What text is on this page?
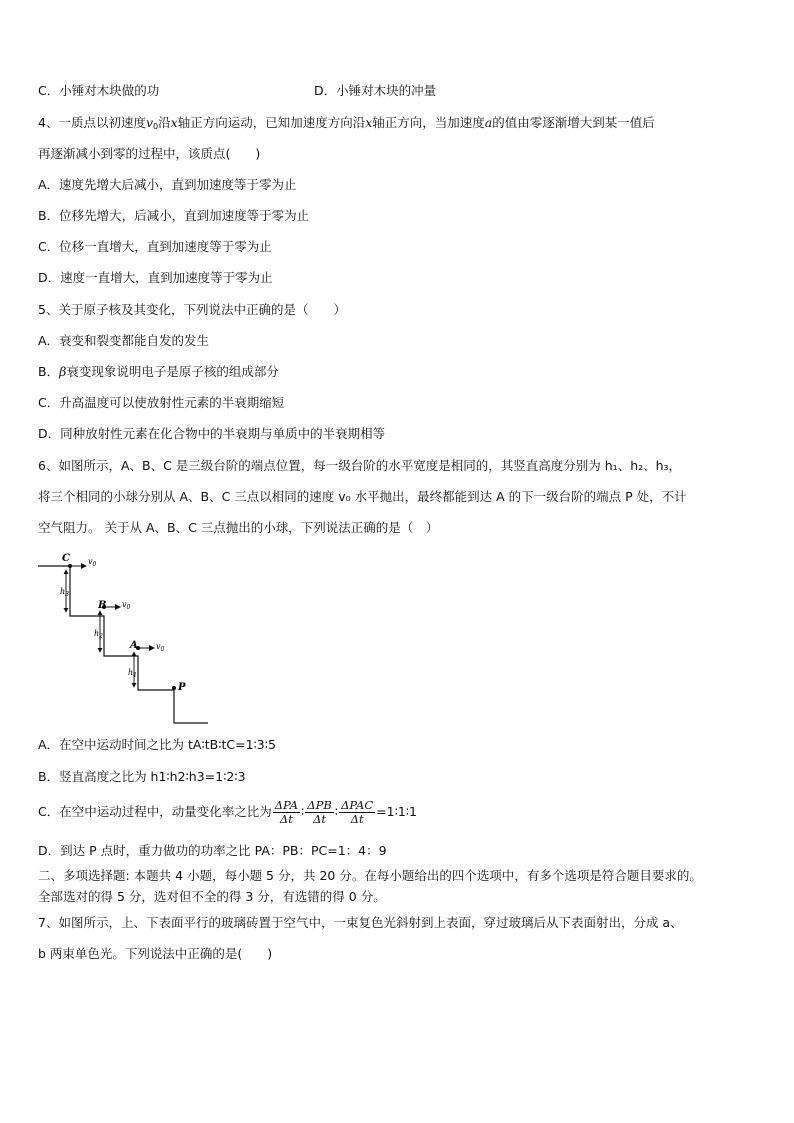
C．小锤对木块做的功	D．小锤对木块的冲量
4、一质点以初速度$v_0$沿x轴正方向运动，已知加速度方向沿x轴正方向，当加速度a的值由零逐渐增大到某一值后
再逐渐减小到零的过程中，该质点(　　)
A．速度先增大后减小，直到加速度等于零为止
B．位移先增大，后减小，直到加速度等于零为止
C．位移一直增大，直到加速度等于零为止
D．速度一直增大，直到加速度等于零为止
5、关于原子核及其变化，下列说法中正确的是（　　）
A．衰变和裂变都能自发的发生
B．β衰变现象说明电子是原子核的组成部分
C．升高温度可以使放射性元素的半衰期缩短
D．同种放射性元素在化合物中的半衰期与单质中的半衰期相等
6、如图所示，A、B、C 是三级台阶的端点位置，每一级台阶的水平宽度是相同的，其竖直高度分别为 h₁、h₂、h₃，
将三个相同的小球分别从 A、B、C 三点以相同的速度 v₀ 水平抛出，最终都能到达 A 的下一级台阶的端点 P 处，不计
空气阻力。 关于从 A、B、C 三点抛出的小球，下列说法正确的是（　）
C $v_0$
$h_3$
B $v_0$
$h_2$
A $v_0$
$h_1$
P
A．在空中运动时间之比为 tA∶tB∶tC=1∶3∶5
B．竖直高度之比为 h1∶h2∶h3=1∶2∶3
C．在空中运动过程中，动量变化率之比为 $\frac{\text{ΔPA}}{\Delta t}$ ∶ $\frac{\text{ΔPB}}{\Delta t}$ ∶ $\frac{\text{ΔPAC}}{\Delta t}$ =1∶1∶1
D．到达 P 点时，重力做功的功率之比 PA：PB：PC=1：4：9
二、多项选择题: 本题共 4 小题，每小题 5 分，共 20 分。在每小题给出的四个选项中，有多个选项是符合题目要求的。
全部选对的得 5 分，选对但不全的得 3 分，有选错的得 0 分。
7、如图所示，上、下表面平行的玻璃砖置于空气中，一束复色光斜射到上表面，穿过玻璃后从下表面射出，分成 a、
b 两束单色光。下列说法中正确的是(　　)
